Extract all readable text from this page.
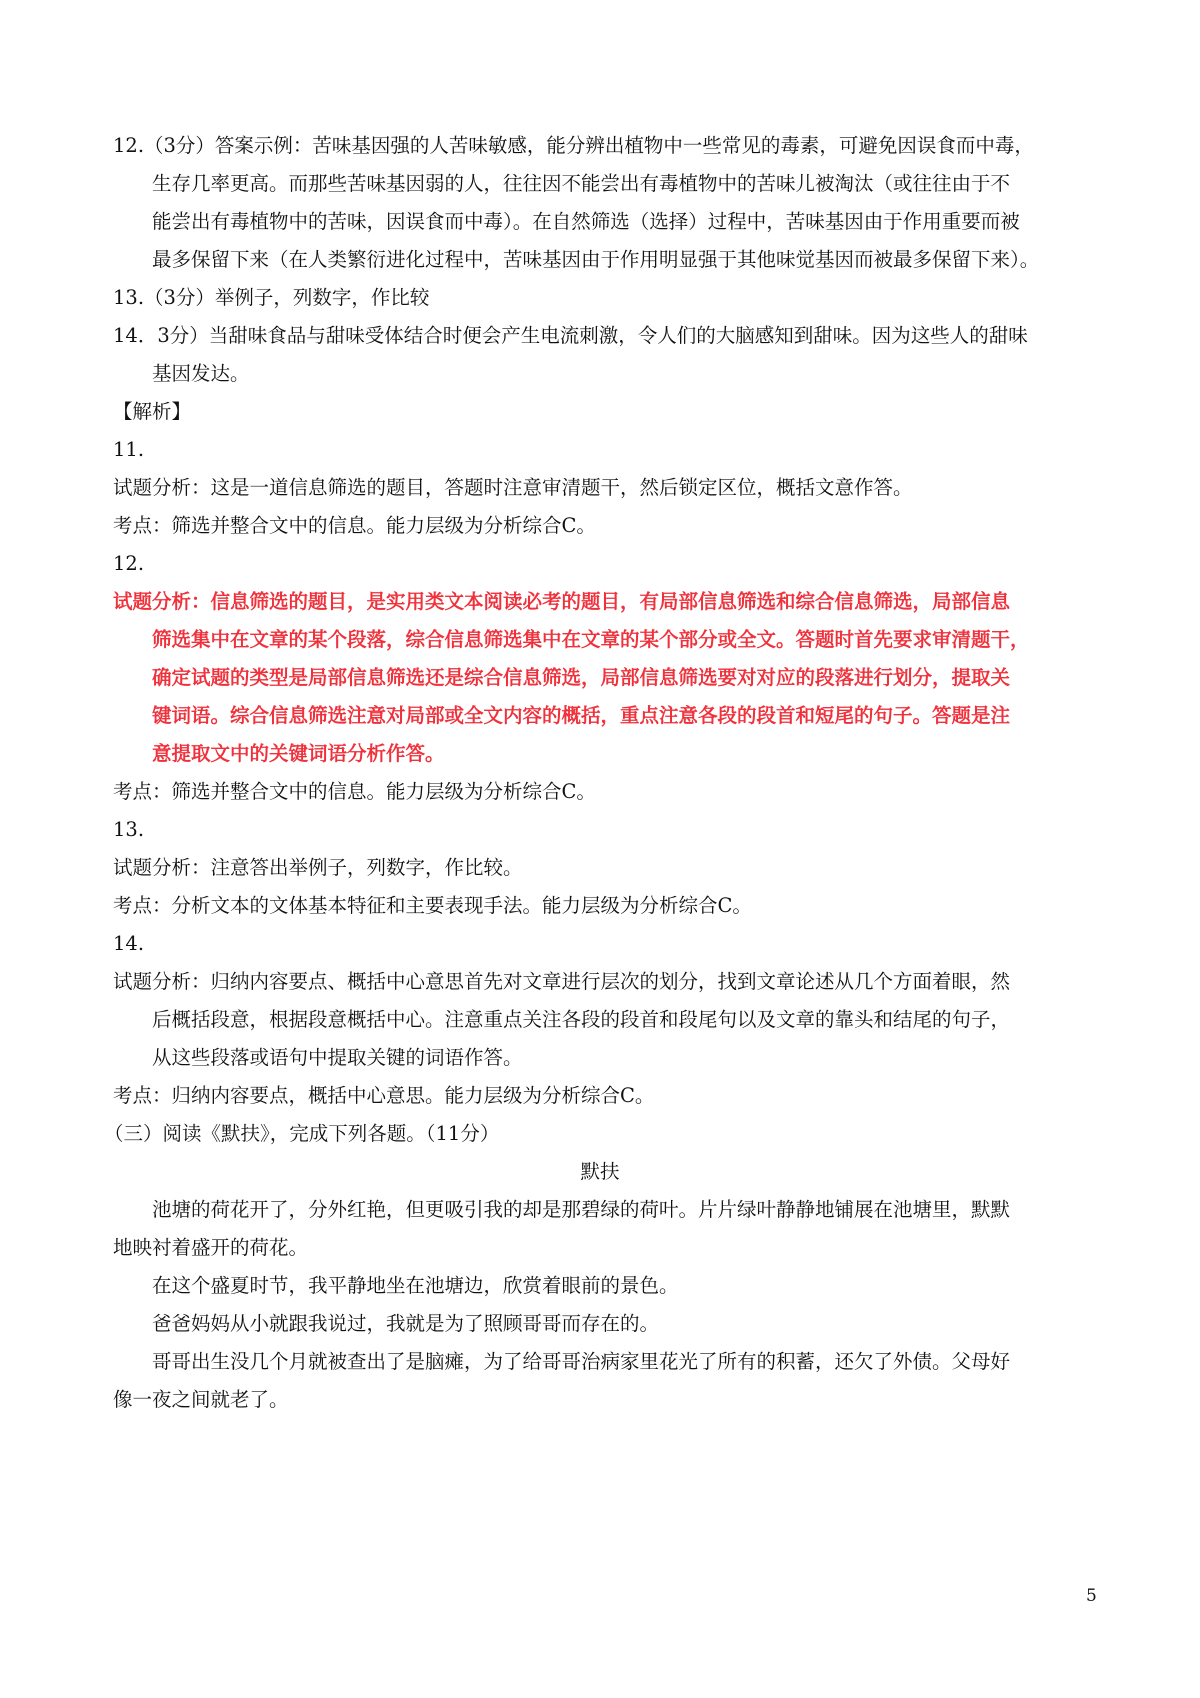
12.（3分）答案示例：苦味基因强的人苦味敏感，能分辨出植物中一些常见的毒素，可避免因误食而中毒，
生存几率更高。而那些苦味基因弱的人，往往因不能尝出有毒植物中的苦味儿被淘汰（或往往由于不
能尝出有毒植物中的苦味，因误食而中毒）。在自然筛选（选择）过程中，苦味基因由于作用重要而被
最多保留下来（在人类繁衍进化过程中，苦味基因由于作用明显强于其他味觉基因而被最多保留下来）。
13.（3分）举例子，列数字，作比较
14．3分）当甜味食品与甜味受体结合时便会产生电流刺激，令人们的大脑感知到甜味。因为这些人的甜味
基因发达。
【解析】
11.
试题分析：这是一道信息筛选的题目，答题时注意审清题干，然后锁定区位，概括文意作答。
考点：筛选并整合文中的信息。能力层级为分析综合C。
12.
试题分析：信息筛选的题目，是实用类文本阅读必考的题目，有局部信息筛选和综合信息筛选，局部信息
筛选集中在文章的某个段落，综合信息筛选集中在文章的某个部分或全文。答题时首先要求审清题干，
确定试题的类型是局部信息筛选还是综合信息筛选，局部信息筛选要对对应的段落进行划分，提取关
键词语。综合信息筛选注意对局部或全文内容的概括，重点注意各段的段首和短尾的句子。答题是注
意提取文中的关键词语分析作答。
考点：筛选并整合文中的信息。能力层级为分析综合C。
13.
试题分析：注意答出举例子，列数字，作比较。
考点：分析文本的文体基本特征和主要表现手法。能力层级为分析综合C。
14.
试题分析：归纳内容要点、概括中心意思首先对文章进行层次的划分，找到文章论述从几个方面着眼，然
后概括段意，根据段意概括中心。注意重点关注各段的段首和段尾句以及文章的靠头和结尾的句子，
从这些段落或语句中提取关键的词语作答。
考点：归纳内容要点，概括中心意思。能力层级为分析综合C。
（三）阅读《默扶》，完成下列各题。（11分）
默扶
池塘的荷花开了，分外红艳，但更吸引我的却是那碧绿的荷叶。片片绿叶静静地铺展在池塘里，默默
地映衬着盛开的荷花。
在这个盛夏时节，我平静地坐在池塘边，欣赏着眼前的景色。
爸爸妈妈从小就跟我说过，我就是为了照顾哥哥而存在的。
哥哥出生没几个月就被查出了是脑瘫，为了给哥哥治病家里花光了所有的积蓄，还欠了外债。父母好
像一夜之间就老了。
5
